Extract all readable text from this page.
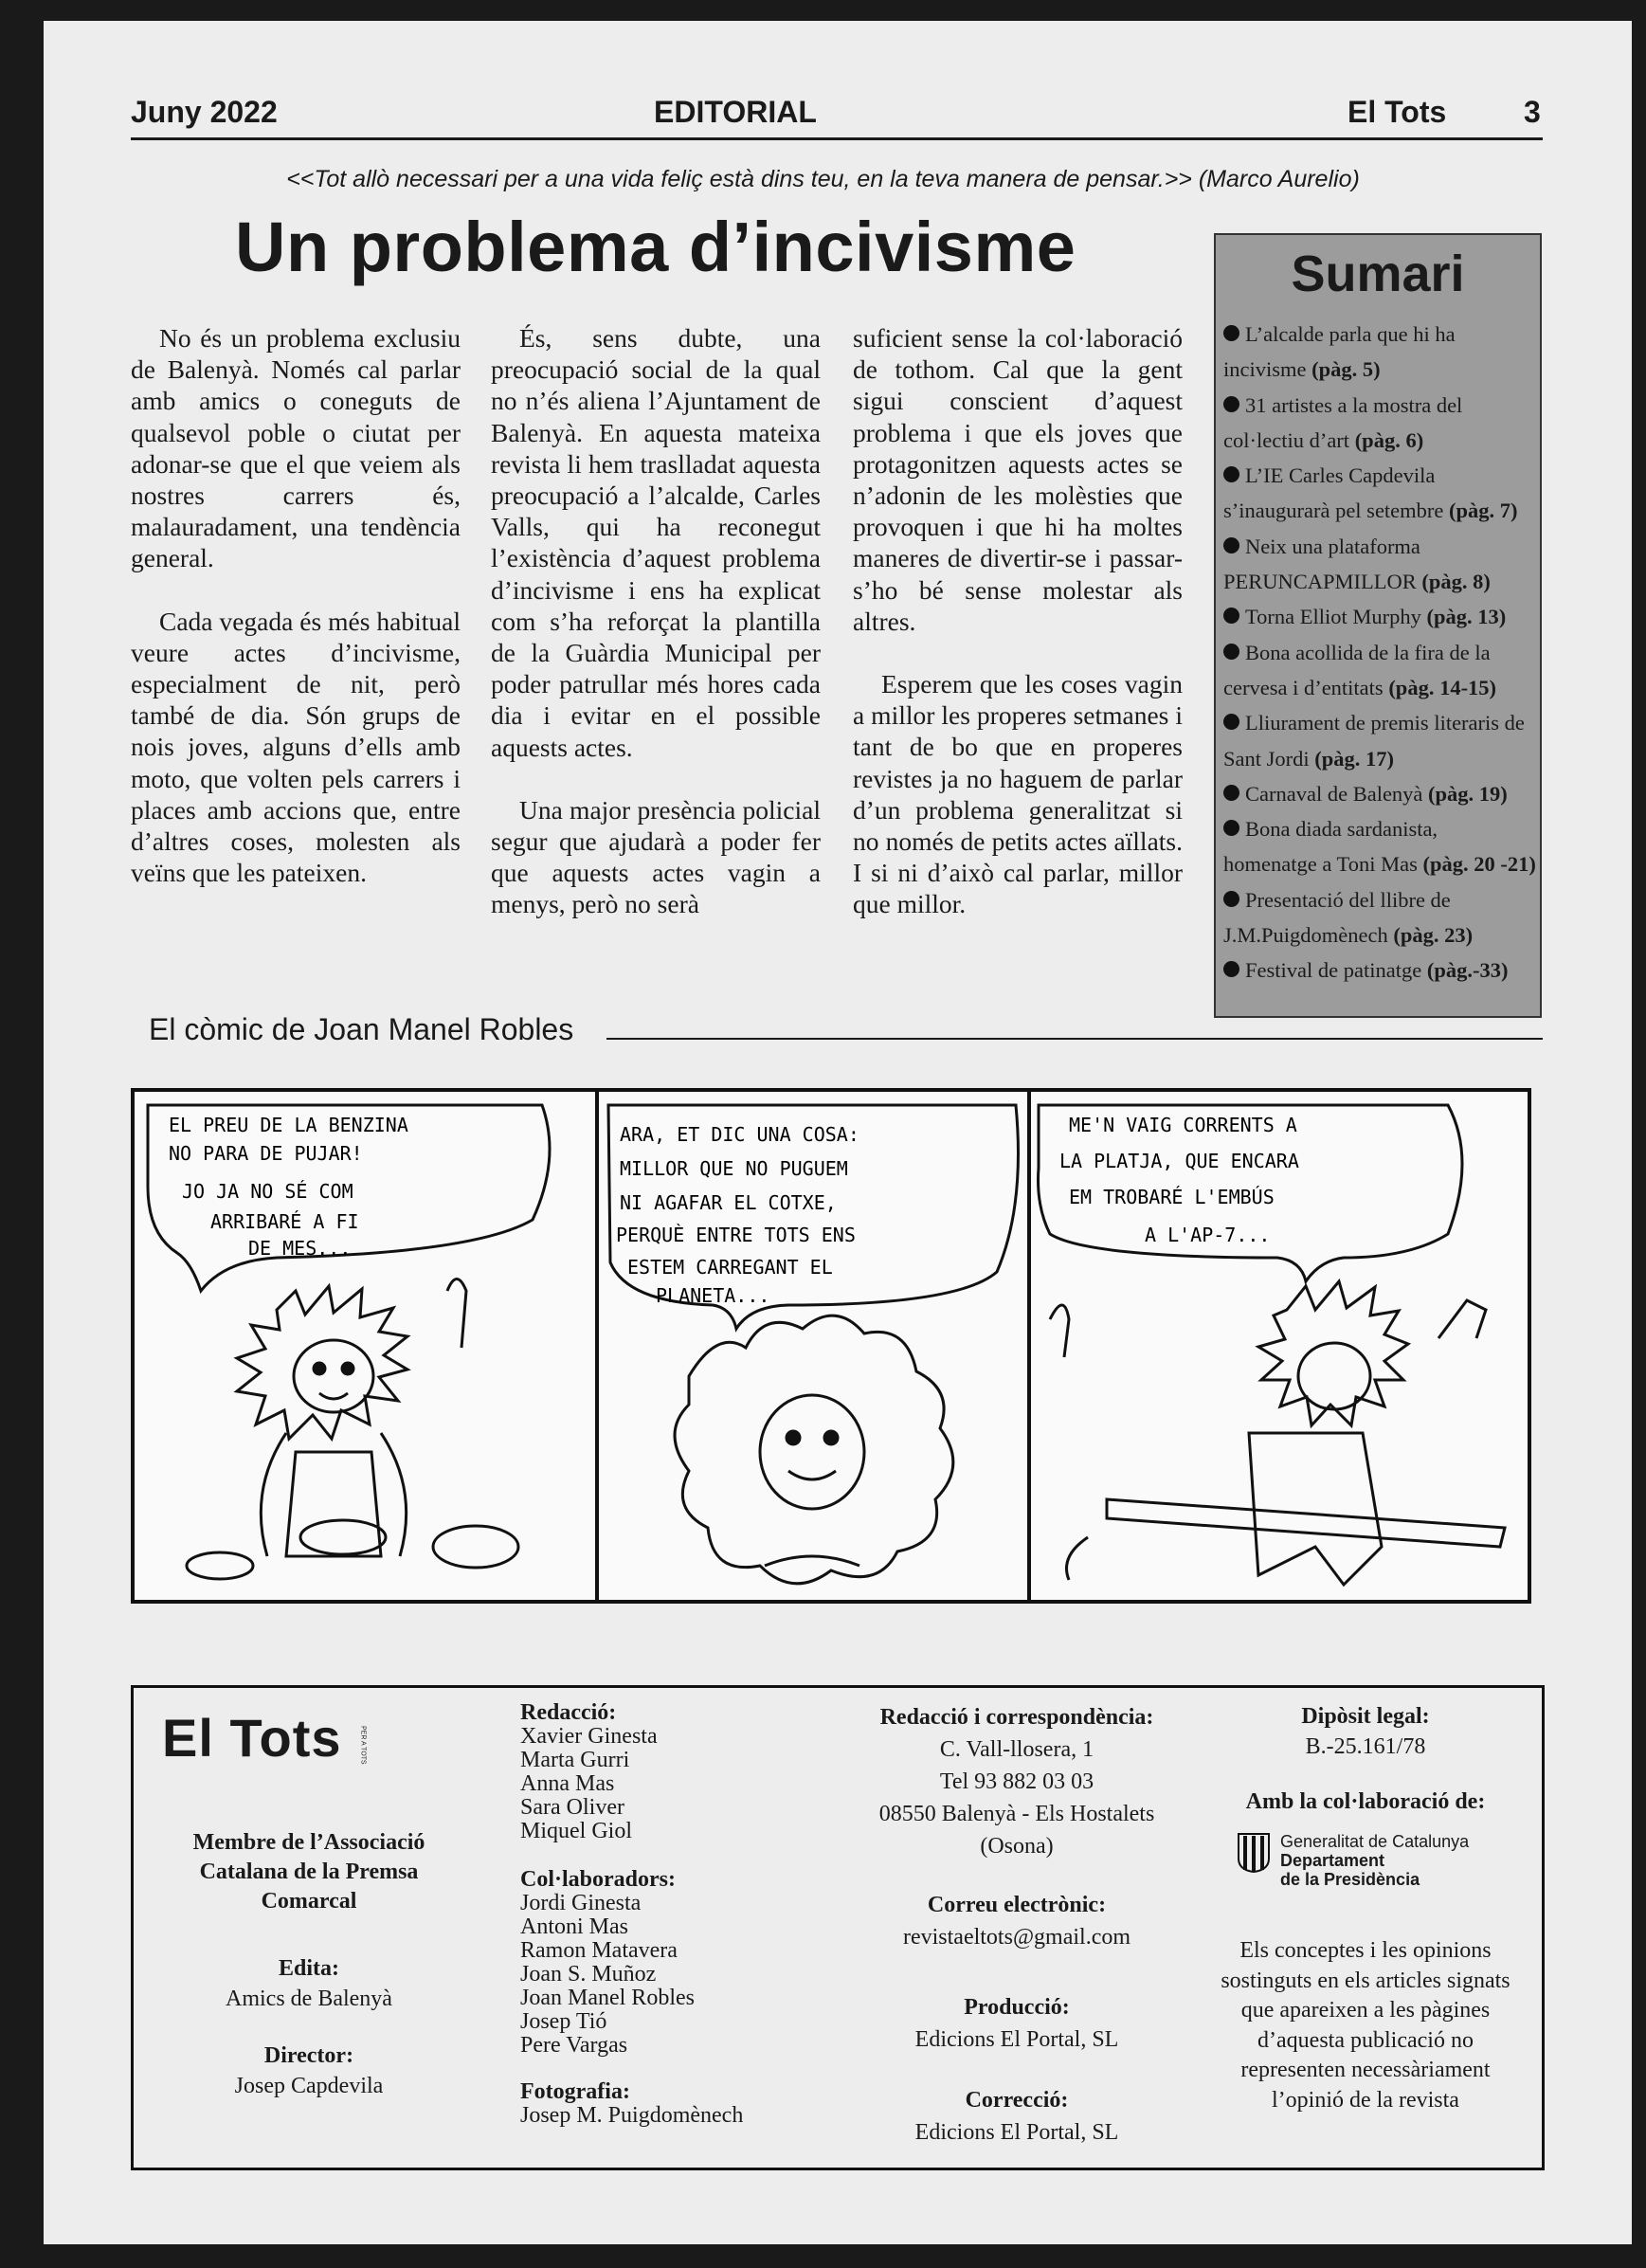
Juny 2022	EDITORIAL	El Tots	3
<<Tot allò necessari per a una vida feliç està dins teu, en la teva manera de pensar.>> (Marco Aurelio)
Un problema d’incivisme

No és un problema exclusiu de Balenyà. Només cal parlar amb amics o coneguts de qualsevol poble o ciutat per adonar-se que el que veiem als nostres carrers és, malauradament, una tendència general.

Cada vegada és més habitual veure actes d’incivisme, especialment de nit, però també de dia. Són grups de nois joves, alguns d’ells amb moto, que volten pels carrers i places amb accions que, entre d’altres coses, molesten als veïns que les pateixen.

És, sens dubte, una preocupació social de la qual no n’és aliena l’Ajuntament de Balenyà. En aquesta mateixa revista li hem traslladat aquesta preocupació a l’alcalde, Carles Valls, qui ha reconegut l’existència d’aquest problema d’incivisme i ens ha explicat com s’ha reforçat la plantilla de la Guàrdia Municipal per poder patrullar més hores cada dia i evitar en el possible aquests actes.

Una major presència policial segur que ajudarà a poder fer que aquests actes vagin a menys, però no serà

suficient sense la col·laboració de tothom. Cal que la gent sigui conscient d’aquest problema i que els joves que protagonitzen aquests actes se n’adonin de les molèsties que provoquen i que hi ha moltes maneres de divertir-se i passar-s’ho bé sense molestar als altres.

Esperem que les coses vagin a millor les properes setmanes i tant de bo que en properes revistes ja no haguem de parlar d’un problema generalitzat si no només de petits actes aïllats. I si ni d’això cal parlar, millor que millor.

Sumari
L’alcalde parla que hi ha incivisme (pàg. 5)
31 artistes a la mostra del col·lectiu d’art (pàg. 6)
L’IE Carles Capdevila s’inaugurarà pel setembre (pàg. 7)
Neix una plataforma PERUNCAPMILLOR (pàg. 8)
Torna Elliot Murphy (pàg. 13)
Bona acollida de la fira de la cervesa i d’entitats (pàg. 14-15)
Lliurament de premis literaris de Sant Jordi (pàg. 17)
Carnaval de Balenyà (pàg. 19)
Bona diada sardanista, homenatge a Toni Mas (pàg. 20 -21)
Presentació del llibre de J.M.Puigdomènech (pàg. 23)
Festival de patinatge (pàg.-33)
El còmic de Joan Manel Robles
EL PREU DE LA BENZINA
NO PARA DE PUJAR!
JO JA NO SÉ COM
ARRIBARÉ A FI
DE MES...
ARA, ET DIC UNA COSA:
MILLOR QUE NO PUGUEM
NI AGAFAR EL COTXE,
PERQUÈ ENTRE TOTS ENS
ESTEM CARREGANT EL
PLANETA...
ME'N VAIG CORRENTS A
LA PLATJA, QUE ENCARA
EM TROBARÉ L'EMBÚS
A L'AP-7...
El Tots	PER A TOTS
Membre de l’Associació Catalana de la Premsa Comarcal
Edita:
Amics de Balenyà
Director:
Josep Capdevila
Redacció:
Xavier Ginesta
Marta Gurri
Anna Mas
Sara Oliver
Miquel Giol
Col·laboradors:
Jordi Ginesta
Antoni Mas
Ramon Matavera
Joan S. Muñoz
Joan Manel Robles
Josep Tió
Pere Vargas
Fotografia:
Josep M. Puigdomènech
Redacció i correspondència:
C. Vall-llosera, 1
Tel 93 882 03 03
08550 Balenyà - Els Hostalets
(Osona)
Correu electrònic:
revistaeltots@gmail.com
Producció:
Edicions El Portal, SL
Correcció:
Edicions El Portal, SL
Dipòsit legal:
B.-25.161/78
Amb la col·laboració de:
Generalitat de Catalunya
Departament
de la Presidència
Els conceptes i les opinions sostinguts en els articles signats que apareixen a les pàgines d’aquesta publicació no representen necessàriament l’opinió de la revista
